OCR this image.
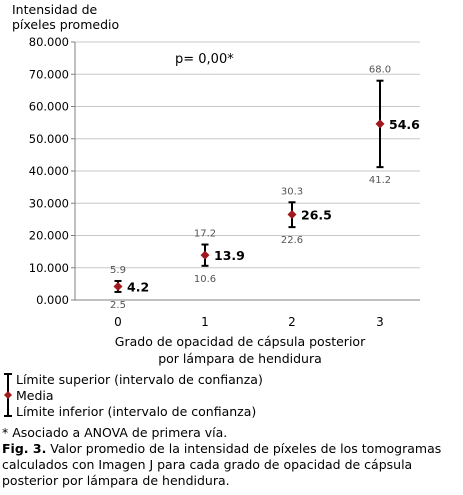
0.000
10.000
20.000
30.000
40.000
50.000
60.000
70.000
80.000
0	1	2	3
5.9
2.5
4.2
17.2
10.6
13.9
30.3
22.6
26.5
68.0
41.2
54.6
Intensidad de
píxeles promedio
p= 0,00*
Grado de opacidad de cápsula posterior
por lámpara de hendidura
Límite superior (intervalo de confianza)
Media
Límite inferior (intervalo de confianza)
* Asociado a ANOVA de primera vía.
Fig. 3. Valor promedio de la intensidad de píxeles de los tomogramas calculados con Imagen J para cada grado de opacidad de cápsula posterior por lámpara de hendidura.
